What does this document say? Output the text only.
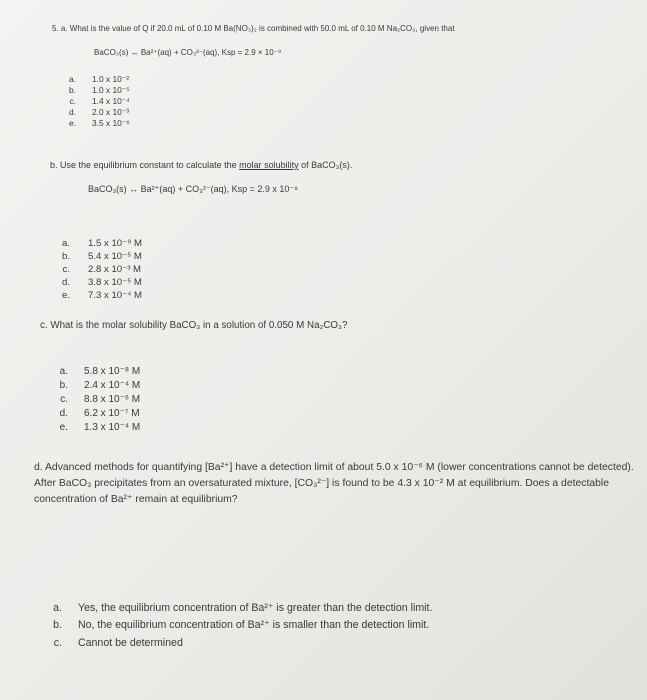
5. a. What is the value of Q if 20.0 mL of 0.10 M Ba(NO₃)₂ is combined with 50.0 mL of 0.10 M Na₂CO₃, given that
BaCO₃(s) ↔ Ba²⁺(aq) + CO₃²⁻(aq), Ksp = 2.9 × 10⁻⁹
a. 1.0 x 10⁻²
b. 1.0 x 10⁻⁵
c. 1.4 x 10⁻⁴
d. 2.0 x 10⁻³
e. 3.5 x 10⁻⁶
b. Use the equilibrium constant to calculate the molar solubility of BaCO₃(s).
BaCO₃(s) ↔ Ba²⁺(aq) + CO₃²⁻(aq), Ksp = 2.9 x 10⁻⁹
a. 1.5 x 10⁻⁹ M
b. 5.4 x 10⁻⁵ M
c. 2.8 x 10⁻³ M
d. 3.8 x 10⁻⁵ M
e. 7.3 x 10⁻⁴ M
c. What is the molar solubility BaCO₃ in a solution of 0.050 M Na₂CO₃?
a. 5.8 x 10⁻⁸ M
b. 2.4 x 10⁻⁴ M
c. 8.8 x 10⁻⁶ M
d. 6.2 x 10⁻⁷ M
e. 1.3 x 10⁻⁴ M
d. Advanced methods for quantifying [Ba²⁺] have a detection limit of about 5.0 x 10⁻⁶ M (lower concentrations cannot be detected). After BaCO₃ precipitates from an oversaturated mixture, [CO₃²⁻] is found to be 4.3 x 10⁻² M at equilibrium. Does a detectable concentration of Ba²⁺ remain at equilibrium?
a. Yes, the equilibrium concentration of Ba²⁺ is greater than the detection limit.
b. No, the equilibrium concentration of Ba²⁺ is smaller than the detection limit.
c. Cannot be determined
